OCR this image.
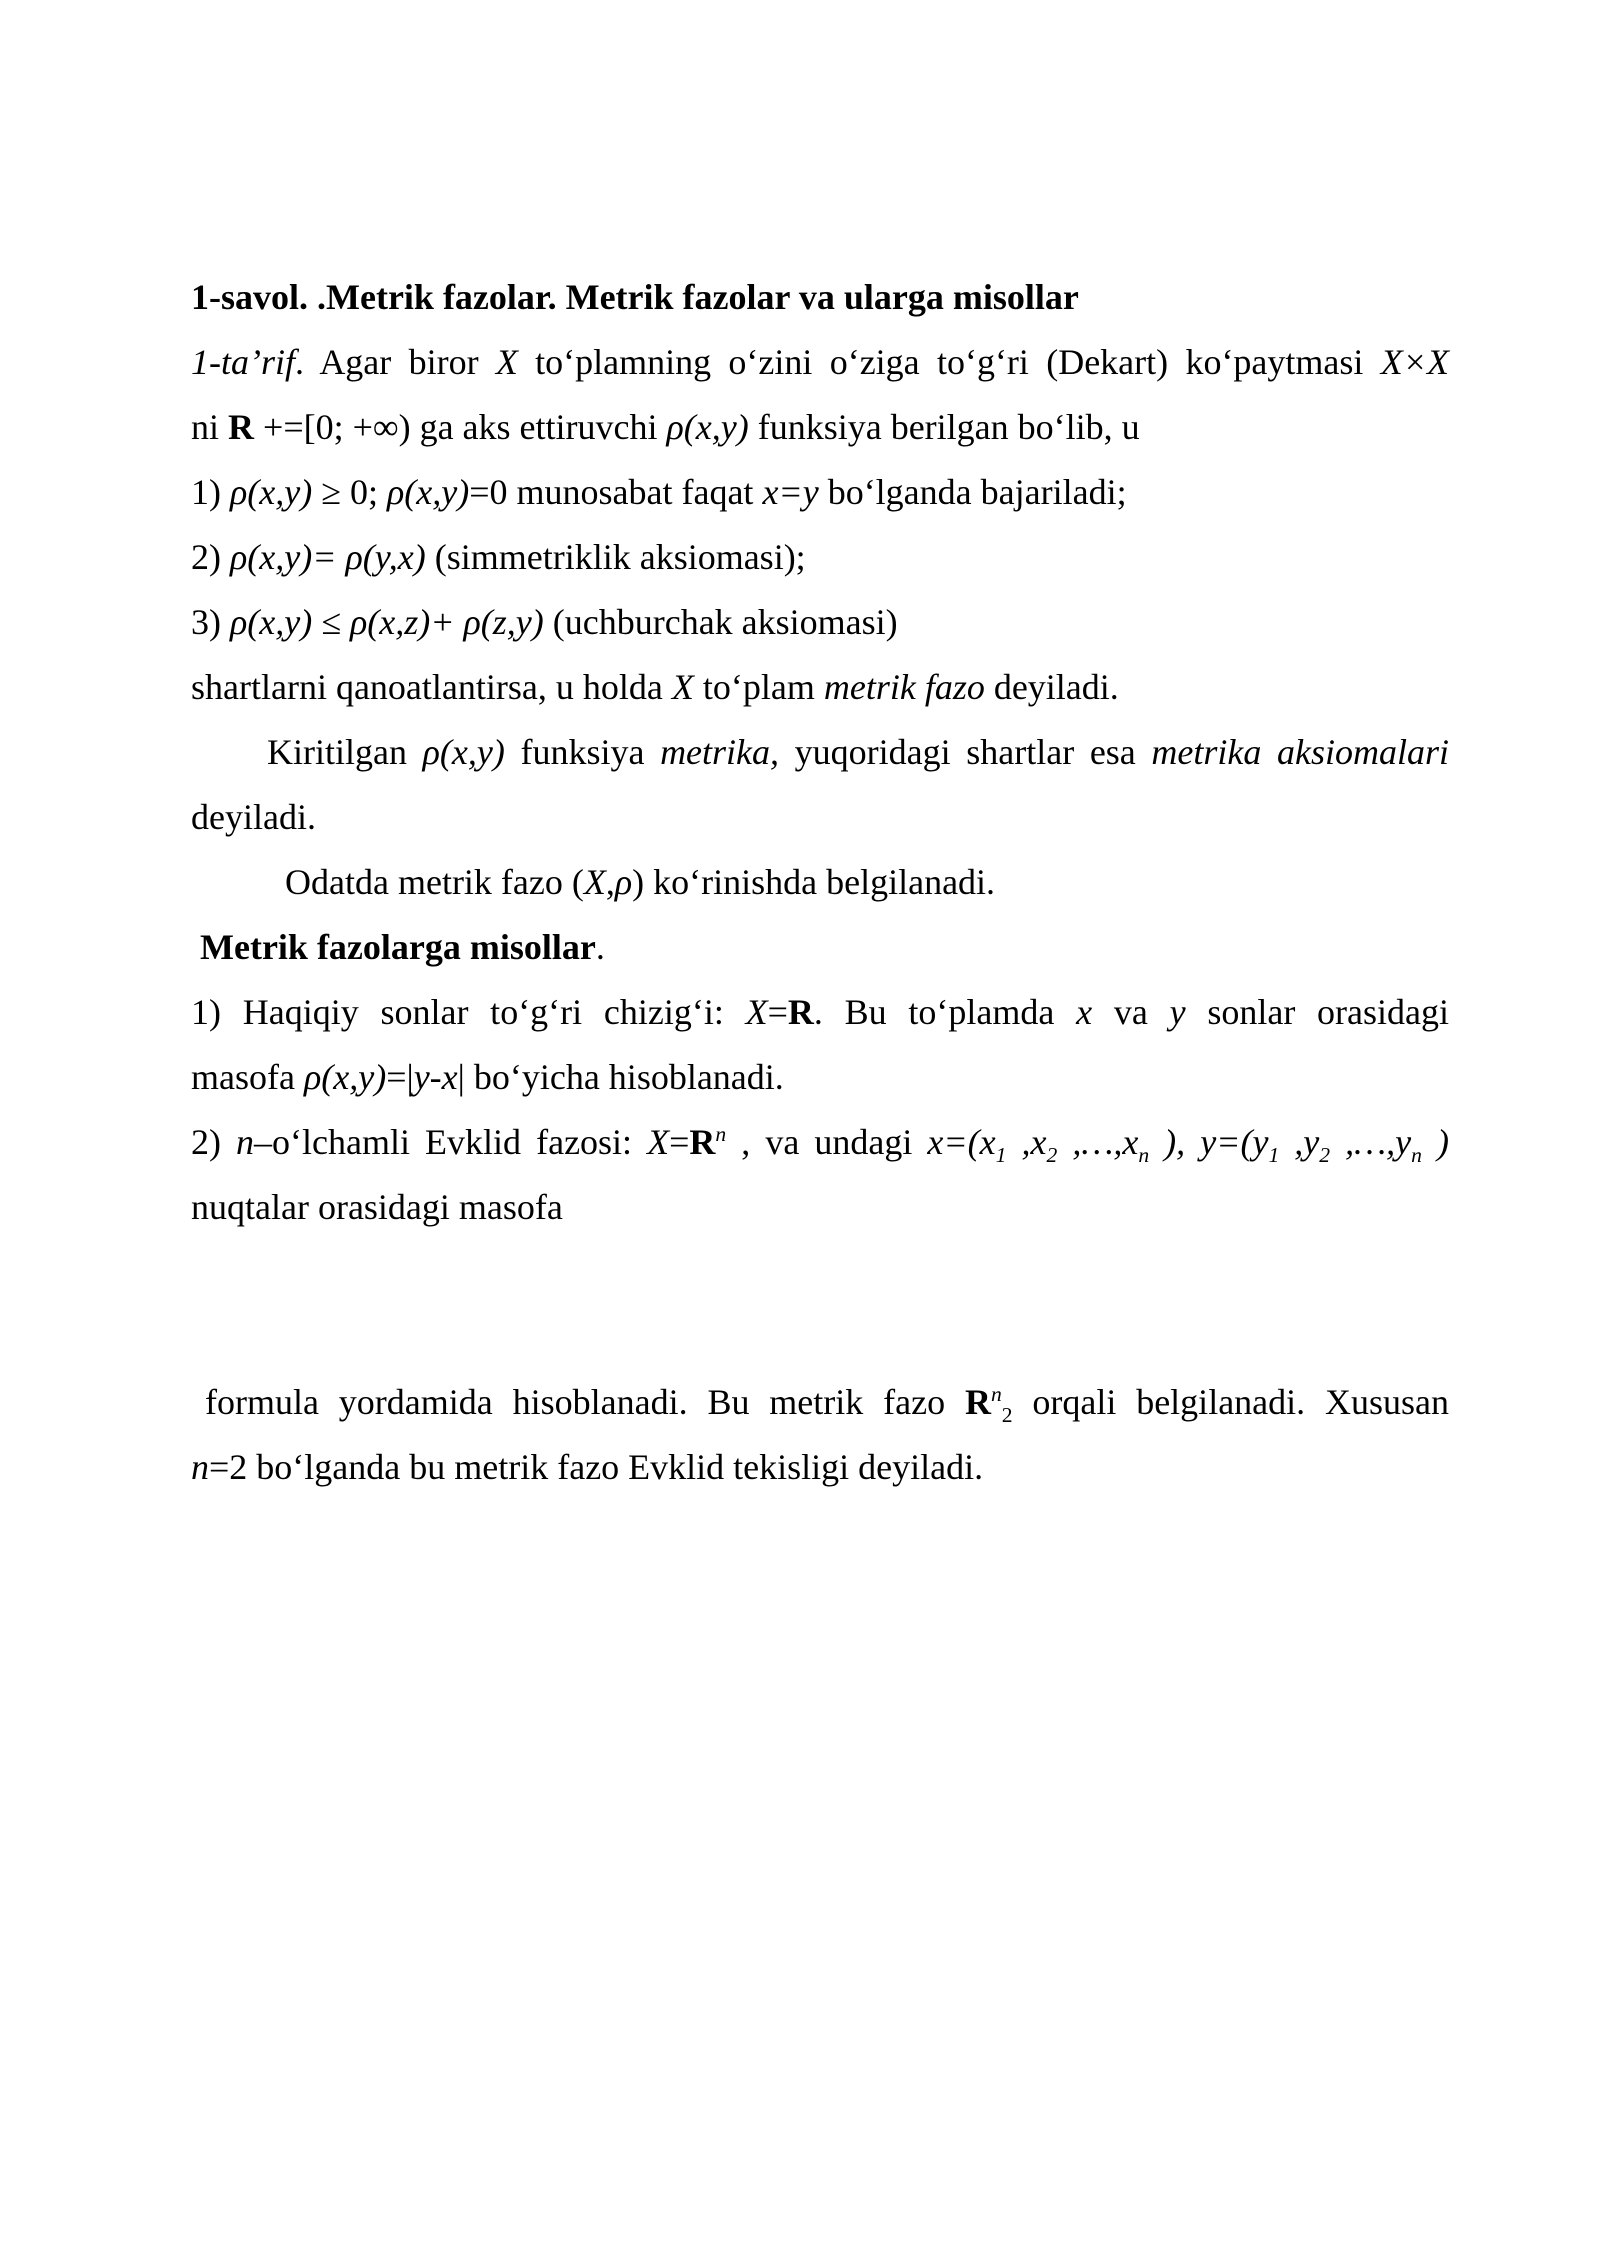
1-savol. .Metrik fazolar. Metrik fazolar va ularga misollar
1-ta’rif. Agar biror X to‘plamning o‘zini o‘ziga to‘g‘ri (Dekart) ko‘paytmasi X×X
ni R +=[0; +∞) ga aks ettiruvchi ρ(x,y) funksiya berilgan bo‘lib, u
1) ρ(x,y) ≥ 0; ρ(x,y)=0 munosabat faqat x=y bo‘lganda bajariladi;
2) ρ(x,y)= ρ(y,x) (simmetriklik aksiomasi);
3) ρ(x,y) ≤ ρ(x,z)+ ρ(z,y) (uchburchak aksiomasi)
shartlarni qanoatlantirsa, u holda X to‘plam metrik fazo deyiladi.
Kiritilgan ρ(x,y) funksiya metrika, yuqoridagi shartlar esa metrika aksiomalari
deyiladi.
Odatda metrik fazo (X,ρ) ko‘rinishda belgilanadi.
Metrik fazolarga misollar.
1) Haqiqiy sonlar to‘g‘ri chizig‘i: X=R. Bu to‘plamda x va y sonlar orasidagi
masofa ρ(x,y)=|y-x| bo‘yicha hisoblanadi.
2) n–o‘lchamli Evklid fazosi: $X=R^n$ , va undagi $x=(x_1$ $,x_2$ $,\dots,x_n$ ), $y=(y_1$ $,y_2$ $,\dots,y_n$ )
nuqtalar orasidagi masofa
formula yordamida hisoblanadi. Bu metrik fazo $R^n_2$ orqali belgilanadi. Xususan
n=2 bo‘lganda bu metrik fazo Evklid tekisligi deyiladi.
